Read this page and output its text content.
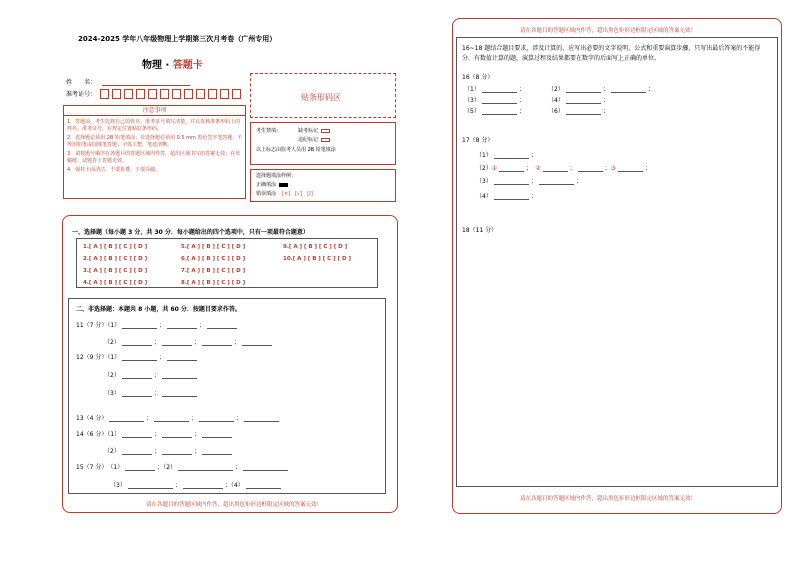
2024-2025 学年八年级物理上学期第三次月考卷（广州专用）
物理 · 答题卡
姓　　名：
准考证号：	贴条形码区
注意事项
1．答题前，考生先将自己的姓名，准考证号填写清楚，并认真核准条形码上的姓名、准考证号，在规定位置贴好条形码。
2．选择题必须用 2B 铅笔填涂；非选择题必须用 0.5 mm 黑色签字笔答题，不得用铅笔或圆珠笔答题；字体工整、笔迹清晰。
3．请按题号顺序在各题目的答题区域内作答，超出区域书写的答案无效；在草稿纸、试题卷上答题无效。
4．保持卡面清洁，不要折叠、不要弄破。
考生禁填：	缺考标记
违纪标记
以上标志由监考人员用 2B 铅笔填涂
选择题填涂样例：
正确填涂
错误填涂 [×]　[√]　[/]
一、选择题（每小题 3 分，共 30 分．每小题给出的四个选项中，只有一项最符合题意）
1.[ A ] [ B ] [ C ] [ D ]
2.[ A ] [ B ] [ C ] [ D ]
3.[ A ] [ B ] [ C ] [ D ]
4.[ A ] [ B ] [ C ] [ D ]
5.[ A ] [ B ] [ C ] [ D ]
6.[ A ] [ B ] [ C ] [ D ]
7.[ A ] [ B ] [ C ] [ D ]
8.[ A ] [ B ] [ C ] [ D ]
9.[ A ] [ B ] [ C ] [ D ]
10.[ A ] [ B ] [ C ] [ D ]
二、非选择题：本题共 8 小题，共 60 分．按题目要求作答。
11（7 分）（1）	；	；
（2）	；	；	；
12（9 分）（1）	；
（2）	；
（3）	；
13（4 分）	；	；	；
14（6 分）（1）	；	；
（2）	；	；
15（7 分）　 （1）	；（2）	；
（3）	；	；（4）
请在各题目的答题区域内作答，超出黑色矩形边框限定区域的答案无效！
请在各题目的答题区域内作答，超出黑色矩形边框限定区域的答案无效！
16~18 题结合题目要求，涉及计算的，应写出必要的文字说明、公式和重要演算步骤，只写出最后答案的不能得分．有数值计算的题，演算过程及结果都要在数字的后面写上正确的单位。
16（8 分）
（1）	；	（2）	；	；
（3）	；	（4）	；
（5）	；	（6）	；
17（8 分）
（1）	；
（2）①	；　②	；	；③	；
（3）	；	；
（4）	；
18（11 分）
请在各题目的答题区域内作答，超出黑色矩形边框限定区域的答案无效！
